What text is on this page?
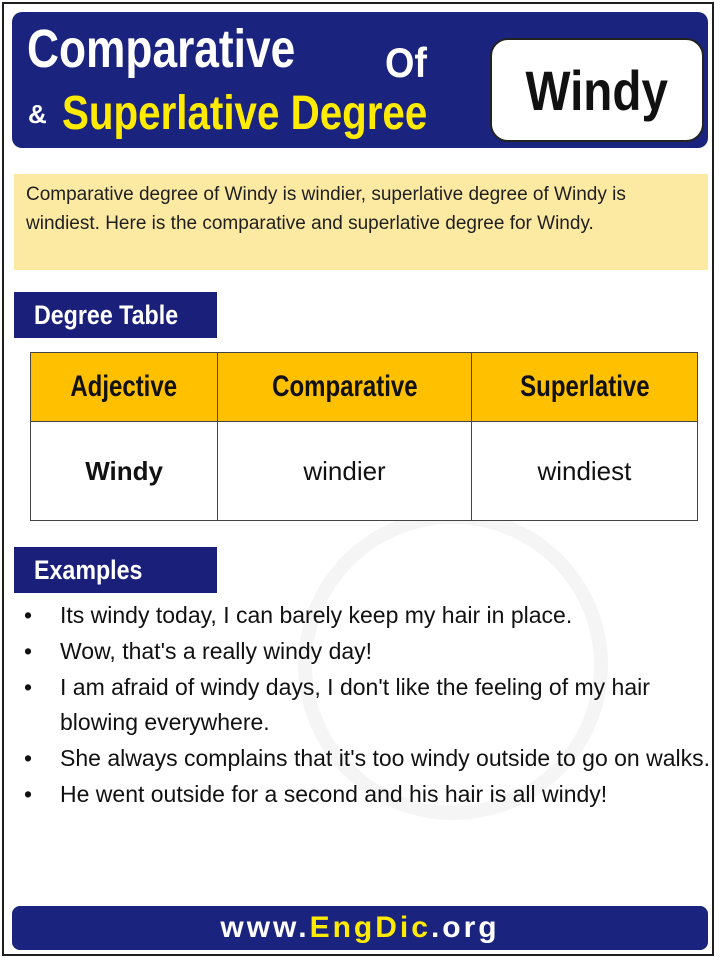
Comparative Of
& Superlative Degree Windy
Comparative degree of Windy is windier, superlative degree of Windy is windiest. Here is the comparative and superlative degree for Windy.
Degree Table
Adjective	Comparative	Superlative
Windy	windier	windiest
Examples
• Its windy today, I can barely keep my hair in place.
• Wow, that's a really windy day!
• I am afraid of windy days, I don't like the feeling of my hair blowing everywhere.
• She always complains that it's too windy outside to go on walks.
• He went outside for a second and his hair is all windy!
www.EngDic.org
